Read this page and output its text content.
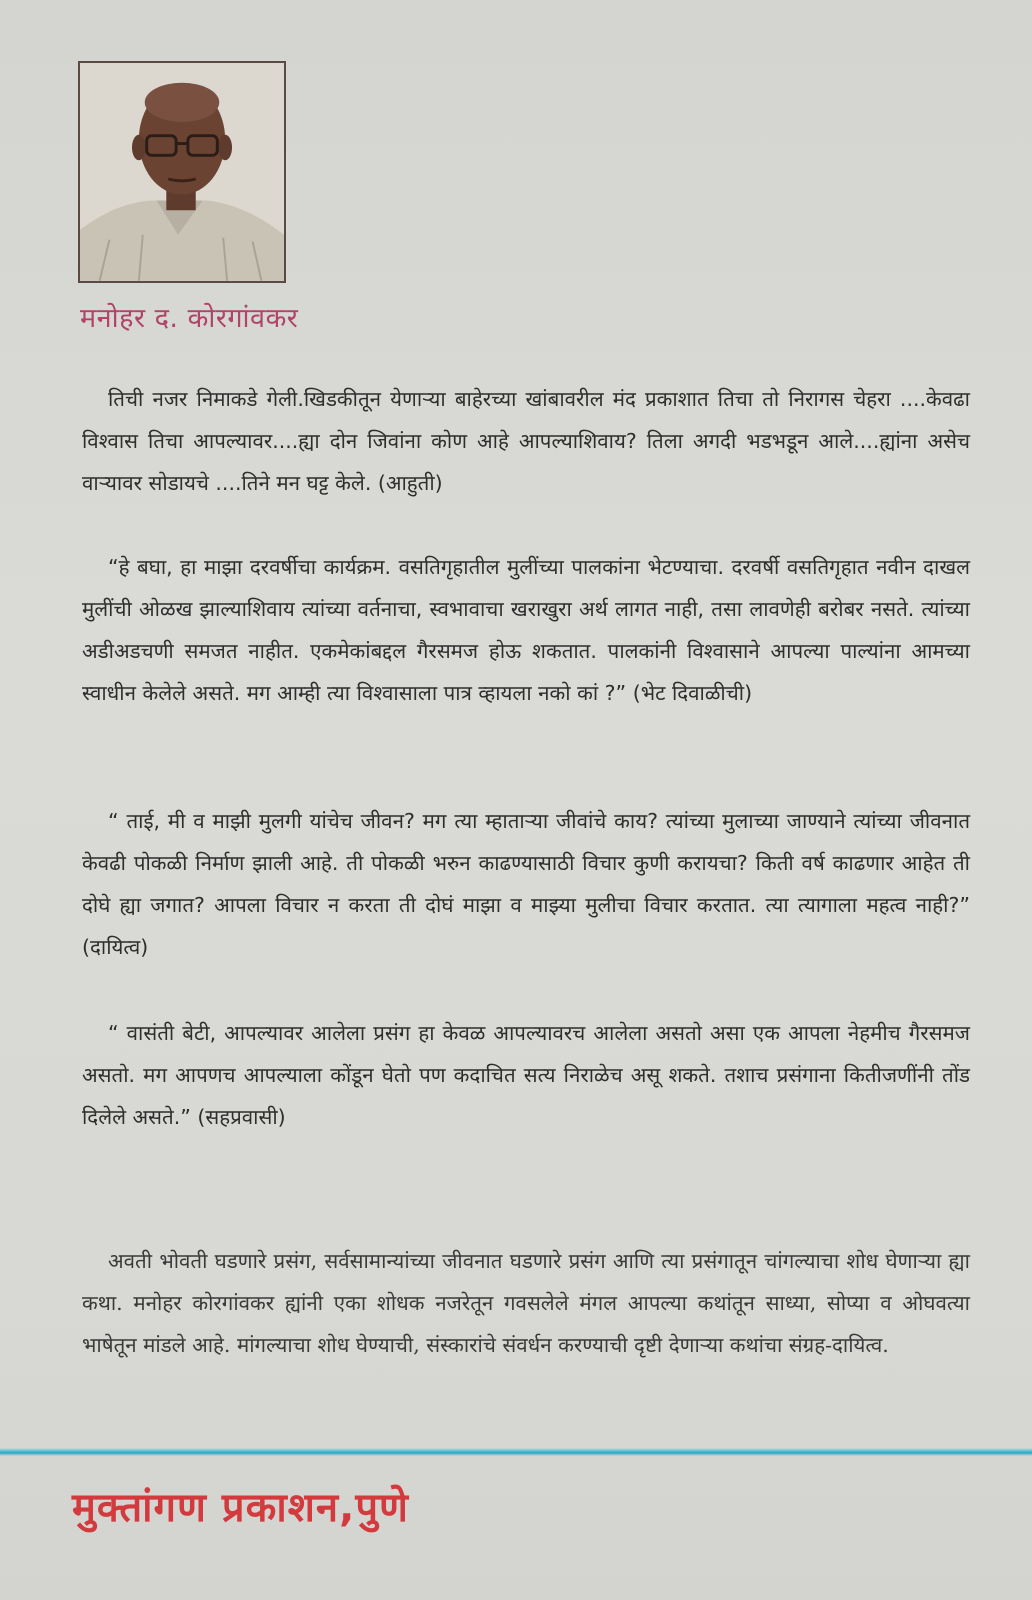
मनोहर द. कोरगांवकर

तिची नजर निमाकडे गेली.खिडकीतून येणाऱ्या बाहेरच्या खांबावरील मंद प्रकाशात तिचा तो निरागस चेहरा ....केवढा विश्वास तिचा आपल्यावर....ह्या दोन जिवांना कोण आहे आपल्याशिवाय? तिला अगदी भडभडून आले....ह्यांना असेच वाऱ्यावर सोडायचे ....तिने मन घट्ट केले. (आहुती)

“हे बघा, हा माझा दरवर्षीचा कार्यक्रम. वसतिगृहातील मुलींच्या पालकांना भेटण्याचा. दरवर्षी वसतिगृहात नवीन दाखल मुलींची ओळख झाल्याशिवाय त्यांच्या वर्तनाचा, स्वभावाचा खराखुरा अर्थ लागत नाही, तसा लावणेही बरोबर नसते. त्यांच्या अडीअडचणी समजत नाहीत. एकमेकांबद्दल गैरसमज होऊ शकतात. पालकांनी विश्वासाने आपल्या पाल्यांना आमच्या स्वाधीन केलेले असते. मग आम्ही त्या विश्वासाला पात्र व्हायला नको कां ?” (भेट दिवाळीची)

“ ताई, मी व माझी मुलगी यांचेच जीवन? मग त्या म्हाताऱ्या जीवांचे काय? त्यांच्या मुलाच्या जाण्याने त्यांच्या जीवनात केवढी पोकळी निर्माण झाली आहे. ती पोकळी भरुन काढण्यासाठी विचार कुणी करायचा? किती वर्ष काढणार आहेत ती दोघे ह्या जगात? आपला विचार न करता ती दोघं माझा व माझ्या मुलीचा विचार करतात. त्या त्यागाला महत्व नाही?” (दायित्व)

“ वासंती बेटी, आपल्यावर आलेला प्रसंग हा केवळ आपल्यावरच आलेला असतो असा एक आपला नेहमीच गैरसमज असतो. मग आपणच आपल्याला कोंडून घेतो पण कदाचित सत्य निराळेच असू शकते. तशाच प्रसंगाना कितीजणींनी तोंड दिलेले असते.” (सहप्रवासी)

अवती भोवती घडणारे प्रसंग, सर्वसामान्यांच्या जीवनात घडणारे प्रसंग आणि त्या प्रसंगातून चांगल्याचा शोध घेणाऱ्या ह्या कथा. मनोहर कोरगांवकर ह्यांनी एका शोधक नजरेतून गवसलेले मंगल आपल्या कथांतून साध्या, सोप्या व ओघवत्या भाषेतून मांडले आहे. मांगल्याचा शोध घेण्याची, संस्कारांचे संवर्धन करण्याची दृष्टी देणाऱ्या कथांचा संग्रह-दायित्व.

मुक्तांगण प्रकाशन,पुणे
